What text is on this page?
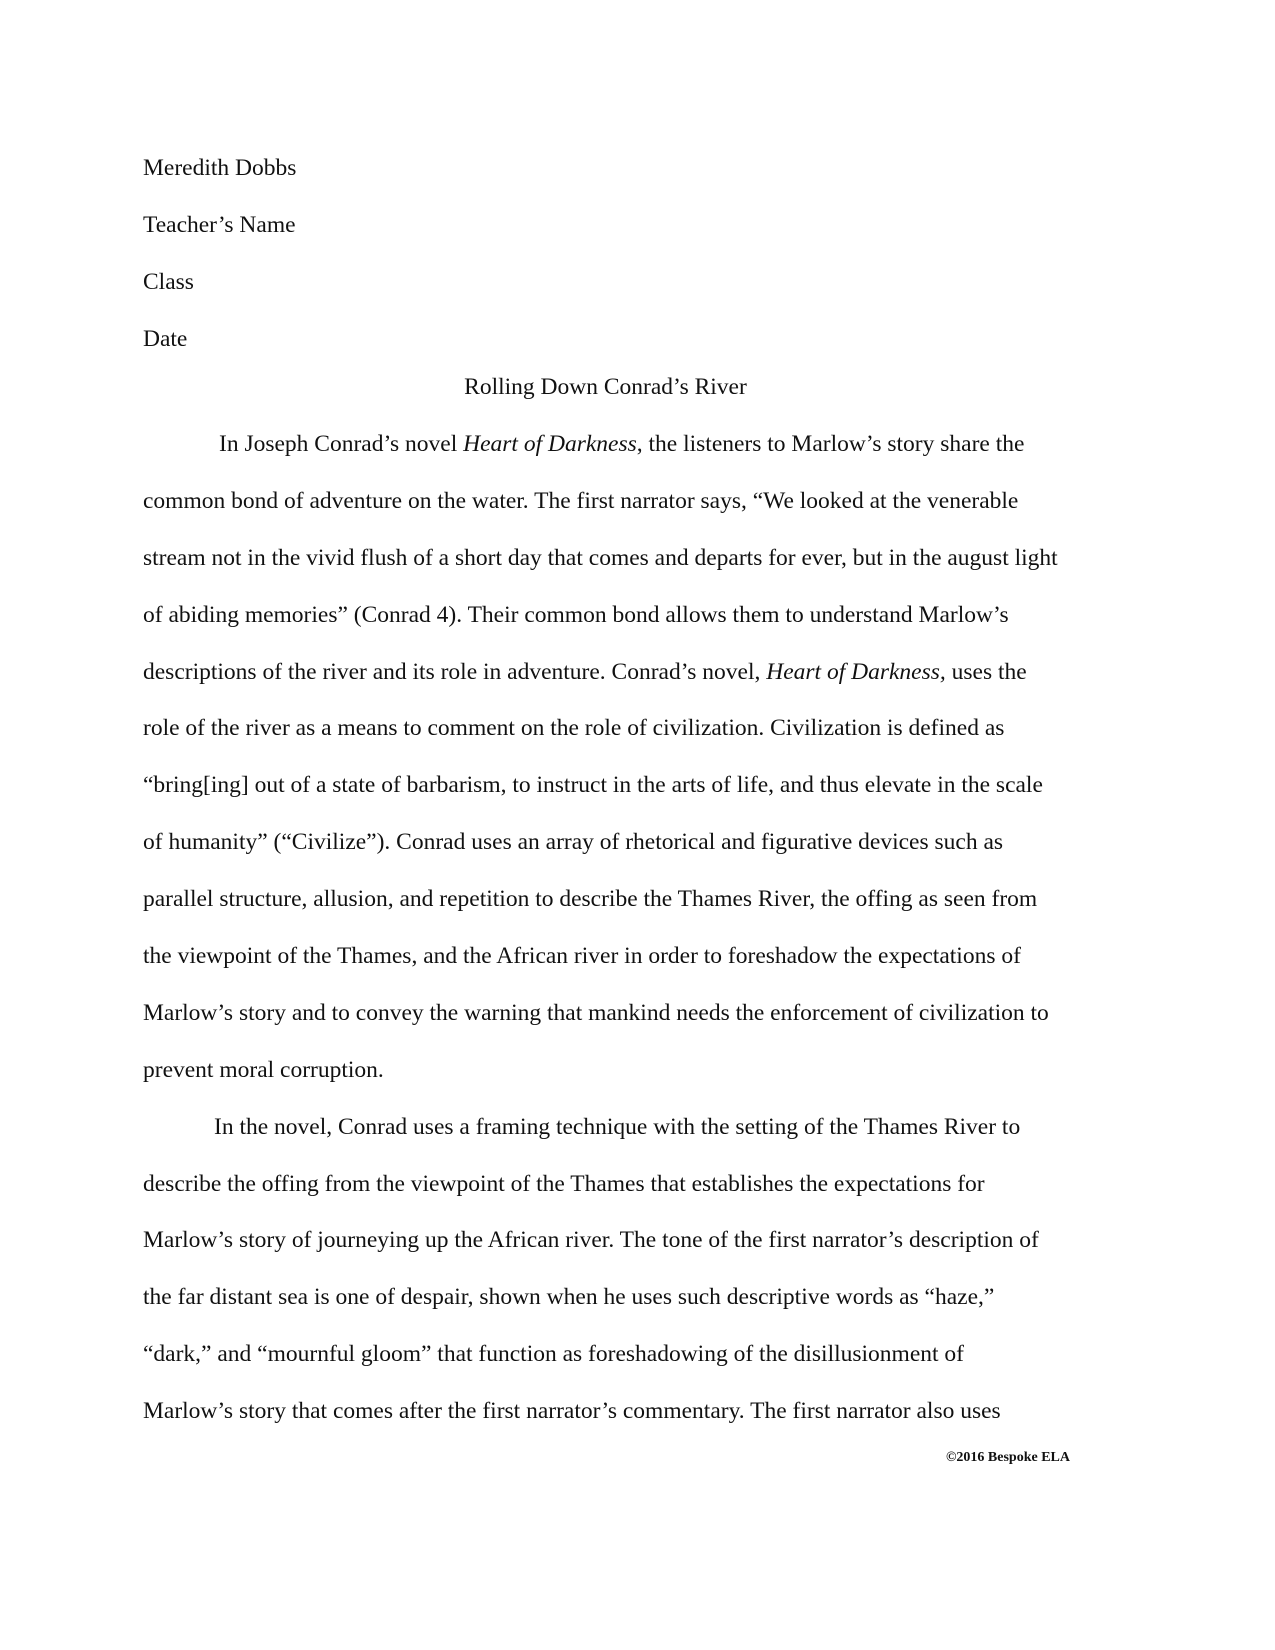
Meredith Dobbs
Teacher’s Name
Class
Date
Rolling Down Conrad’s River
In Joseph Conrad’s novel Heart of Darkness, the listeners to Marlow’s story share the
common bond of adventure on the water. The first narrator says, “We looked at the venerable
stream not in the vivid flush of a short day that comes and departs for ever, but in the august light
of abiding memories” (Conrad 4). Their common bond allows them to understand Marlow’s
descriptions of the river and its role in adventure. Conrad’s novel, Heart of Darkness, uses the
role of the river as a means to comment on the role of civilization. Civilization is defined as
“bring[ing] out of a state of barbarism, to instruct in the arts of life, and thus elevate in the scale
of humanity” (“Civilize”). Conrad uses an array of rhetorical and figurative devices such as
parallel structure, allusion, and repetition to describe the Thames River, the offing as seen from
the viewpoint of the Thames, and the African river in order to foreshadow the expectations of
Marlow’s story and to convey the warning that mankind needs the enforcement of civilization to
prevent moral corruption.
In the novel, Conrad uses a framing technique with the setting of the Thames River to
describe the offing from the viewpoint of the Thames that establishes the expectations for
Marlow’s story of journeying up the African river. The tone of the first narrator’s description of
the far distant sea is one of despair, shown when he uses such descriptive words as “haze,”
“dark,” and “mournful gloom” that function as foreshadowing of the disillusionment of
Marlow’s story that comes after the first narrator’s commentary. The first narrator also uses
©2016 Bespoke ELA
